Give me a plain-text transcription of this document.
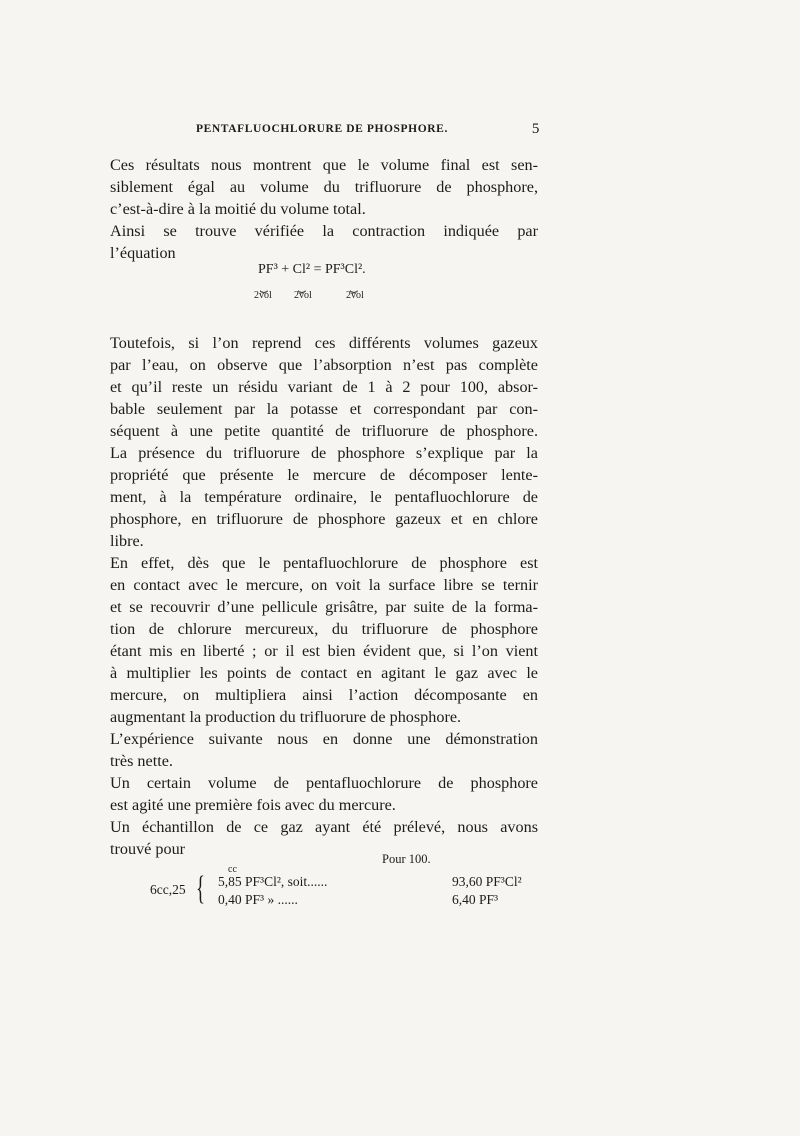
PENTAFLUOCHLORURE DE PHOSPHORE.	5
Ces résultats nous montrent que le volume final est sen-
siblement égal au volume du trifluorure de phosphore,
c’est-à-dire à la moitié du volume total.
Ainsi se trouve vérifiée la contraction indiquée par
l’équation
PF³ + Cl² = PF³Cl².
⏟
2vol
⏟
2vol
⏟
2vol
Toutefois, si l’on reprend ces différents volumes gazeux
par l’eau, on observe que l’absorption n’est pas complète
et qu’il reste un résidu variant de 1 à 2 pour 100, absor-
bable seulement par la potasse et correspondant par con-
séquent à une petite quantité de trifluorure de phosphore.
La présence du trifluorure de phosphore s’explique par la
propriété que présente le mercure de décomposer lente-
ment, à la température ordinaire, le pentafluochlorure de
phosphore, en trifluorure de phosphore gazeux et en chlore
libre.
En effet, dès que le pentafluochlorure de phosphore est
en contact avec le mercure, on voit la surface libre se ternir
et se recouvrir d’une pellicule grisâtre, par suite de la forma-
tion de chlorure mercureux, du trifluorure de phosphore
étant mis en liberté ; or il est bien évident que, si l’on vient
à multiplier les points de contact en agitant le gaz avec le
mercure, on multipliera ainsi l’action décomposante en
augmentant la production du trifluorure de phosphore.
L’expérience suivante nous en donne une démonstration
très nette.
Un certain volume de pentafluochlorure de phosphore
est agité une première fois avec du mercure.
Un échantillon de ce gaz ayant été prélevé, nous avons
trouvé pour
Pour 100.
cc
6cc,25 { 5,85 PF³Cl², soit......	93,60 PF³Cl²
0,40 PF³ » ......	6,40 PF³
